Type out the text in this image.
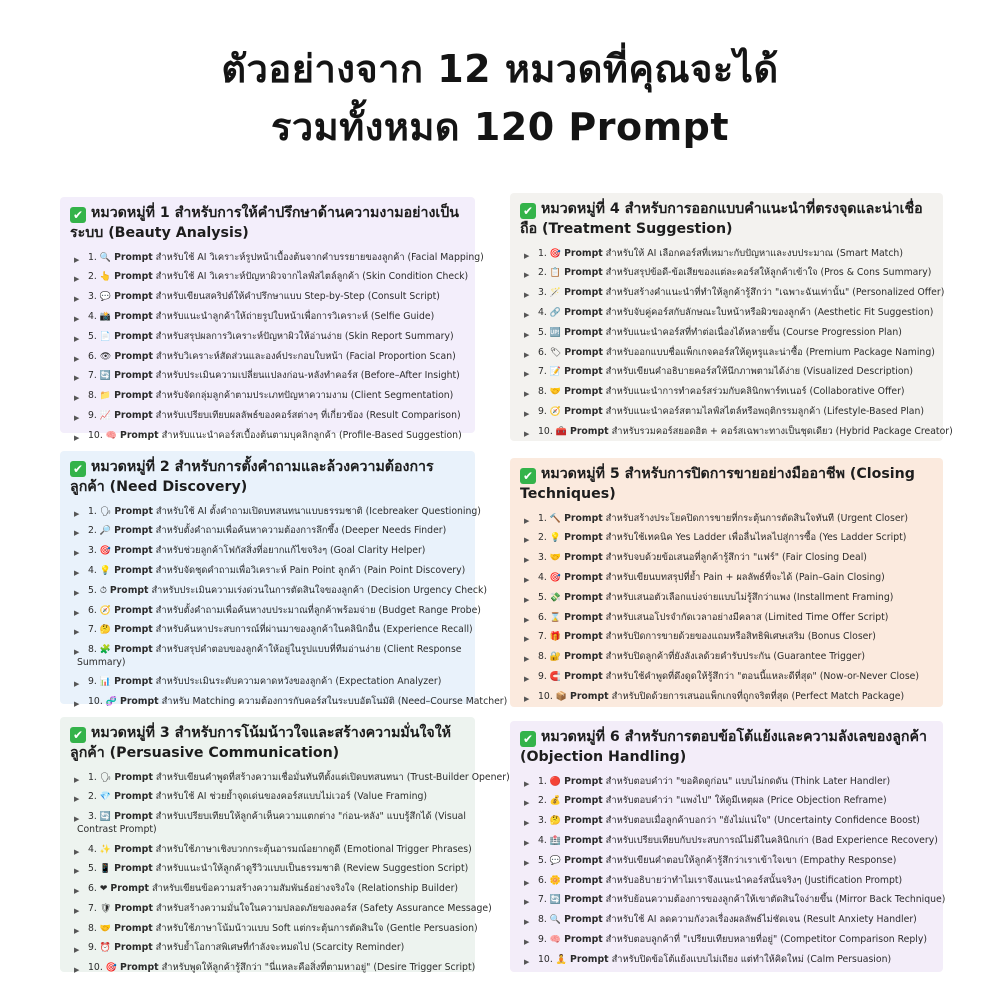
ตัวอย่างจาก 12 หมวดที่คุณจะได้
รวมทั้งหมด 120 Prompt
✔ หมวดหมู่ที่ 1 สำหรับการให้คำปรึกษาด้านความงามอย่างเป็นระบบ (Beauty Analysis)
▶ 1. 🔍 Prompt สำหรับใช้ AI วิเคราะห์รูปหน้าเบื้องต้นจากคำบรรยายของลูกค้า (Facial Mapping)
▶ 2. 👆 Prompt สำหรับใช้ AI วิเคราะห์ปัญหาผิวจากไลฟ์สไตล์ลูกค้า (Skin Condition Check)
▶ 3. 💬 Prompt สำหรับเขียนสคริปต์ให้คำปรึกษาแบบ Step-by-Step (Consult Script)
▶ 4. 📸 Prompt สำหรับแนะนำลูกค้าให้ถ่ายรูปใบหน้าเพื่อการวิเคราะห์ (Selfie Guide)
▶ 5. 📄 Prompt สำหรับสรุปผลการวิเคราะห์ปัญหาผิวให้อ่านง่าย (Skin Report Summary)
▶ 6. 👁 Prompt สำหรับวิเคราะห์สัดส่วนและองค์ประกอบใบหน้า (Facial Proportion Scan)
▶ 7. 🔄 Prompt สำหรับประเมินความเปลี่ยนแปลงก่อน-หลังทำคอร์ส (Before–After Insight)
▶ 8. 📁 Prompt สำหรับจัดกลุ่มลูกค้าตามประเภทปัญหาความงาม (Client Segmentation)
▶ 9. 📈 Prompt สำหรับเปรียบเทียบผลลัพธ์ของคอร์สต่างๆ ที่เกี่ยวข้อง (Result Comparison)
▶ 10. 🧠 Prompt สำหรับแนะนำคอร์สเบื้องต้นตามบุคลิกลูกค้า (Profile-Based Suggestion)
✔ หมวดหมู่ที่ 2 สำหรับการตั้งคำถามและล้วงความต้องการลูกค้า (Need Discovery)
▶ 1. 🗣 Prompt สำหรับใช้ AI ตั้งคำถามเปิดบทสนทนาแบบธรรมชาติ (Icebreaker Questioning)
▶ 2. 🔎 Prompt สำหรับตั้งคำถามเพื่อค้นหาความต้องการลึกซึ้ง (Deeper Needs Finder)
▶ 3. 🎯 Prompt สำหรับช่วยลูกค้าโฟกัสสิ่งที่อยากแก้ไขจริงๆ (Goal Clarity Helper)
▶ 4. 💡 Prompt สำหรับจัดชุดคำถามเพื่อวิเคราะห์ Pain Point ลูกค้า (Pain Point Discovery)
▶ 5. ⏱ Prompt สำหรับประเมินความเร่งด่วนในการตัดสินใจของลูกค้า (Decision Urgency Check)
▶ 6. 🧭 Prompt สำหรับตั้งคำถามเพื่อค้นหางบประมาณที่ลูกค้าพร้อมจ่าย (Budget Range Probe)
▶ 7. 🤔 Prompt สำหรับค้นหาประสบการณ์ที่ผ่านมาของลูกค้าในคลินิกอื่น (Experience Recall)
▶ 8. 🧩 Prompt สำหรับสรุปคำตอบของลูกค้าให้อยู่ในรูปแบบที่ทีมอ่านง่าย (Client Response Summary)
▶ 9. 📊 Prompt สำหรับประเมินระดับความคาดหวังของลูกค้า (Expectation Analyzer)
▶ 10. 🧬 Prompt สำหรับ Matching ความต้องการกับคอร์สในระบบอัตโนมัติ (Need–Course Matcher)
✔ หมวดหมู่ที่ 3 สำหรับการโน้มน้าวใจและสร้างความมั่นใจให้ลูกค้า (Persuasive Communication)
▶ 1. 🗣 Prompt สำหรับเขียนคำพูดที่สร้างความเชื่อมั่นทันทีตั้งแต่เปิดบทสนทนา (Trust-Builder Opener)
▶ 2. 💎 Prompt สำหรับใช้ AI ช่วยย้ำจุดเด่นของคอร์สแบบไม่เวอร์ (Value Framing)
▶ 3. 🔄 Prompt สำหรับเปรียบเทียบให้ลูกค้าเห็นความแตกต่าง "ก่อน-หลัง" แบบรู้สึกได้ (Visual Contrast Prompt)
▶ 4. ✨ Prompt สำหรับใช้ภาษาเชิงบวกกระตุ้นอารมณ์อยากดูดี (Emotional Trigger Phrases)
▶ 5. 📱 Prompt สำหรับแนะนำให้ลูกค้าดูรีวิวแบบเป็นธรรมชาติ (Review Suggestion Script)
▶ 6. ❤ Prompt สำหรับเขียนข้อความสร้างความสัมพันธ์อย่างจริงใจ (Relationship Builder)
▶ 7. 🛡 Prompt สำหรับสร้างความมั่นใจในความปลอดภัยของคอร์ส (Safety Assurance Message)
▶ 8. 🤝 Prompt สำหรับใช้ภาษาโน้มน้าวแบบ Soft แต่กระตุ้นการตัดสินใจ (Gentle Persuasion)
▶ 9. ⏰ Prompt สำหรับย้ำโอกาสพิเศษที่กำลังจะหมดไป (Scarcity Reminder)
▶ 10. 🎯 Prompt สำหรับพูดให้ลูกค้ารู้สึกว่า "นี่แหละคือสิ่งที่ตามหาอยู่" (Desire Trigger Script)
✔ หมวดหมู่ที่ 4 สำหรับการออกแบบคำแนะนำที่ตรงจุดและน่าเชื่อถือ (Treatment Suggestion)
▶ 1. 🎯 Prompt สำหรับให้ AI เลือกคอร์สที่เหมาะกับปัญหาและงบประมาณ (Smart Match)
▶ 2. 📋 Prompt สำหรับสรุปข้อดี-ข้อเสียของแต่ละคอร์สให้ลูกค้าเข้าใจ (Pros & Cons Summary)
▶ 3. 🪄 Prompt สำหรับสร้างคำแนะนำที่ทำให้ลูกค้ารู้สึกว่า "เฉพาะฉันเท่านั้น" (Personalized Offer)
▶ 4. 🔗 Prompt สำหรับจับคู่คอร์สกับลักษณะใบหน้าหรือผิวของลูกค้า (Aesthetic Fit Suggestion)
▶ 5. 🆙 Prompt สำหรับแนะนำคอร์สที่ทำต่อเนื่องได้หลายขั้น (Course Progression Plan)
▶ 6. 🏷 Prompt สำหรับออกแบบชื่อแพ็กเกจคอร์สให้ดูหรูและน่าซื้อ (Premium Package Naming)
▶ 7. 📝 Prompt สำหรับเขียนคำอธิบายคอร์สให้นึกภาพตามได้ง่าย (Visualized Description)
▶ 8. 🤝 Prompt สำหรับแนะนำการทำคอร์สร่วมกับคลินิกพาร์ทเนอร์ (Collaborative Offer)
▶ 9. 🧭 Prompt สำหรับแนะนำคอร์สตามไลฟ์สไตล์หรือพฤติกรรมลูกค้า (Lifestyle-Based Plan)
▶ 10. 🧰 Prompt สำหรับรวมคอร์สยอดฮิต + คอร์สเฉพาะทางเป็นชุดเดียว (Hybrid Package Creator)
✔ หมวดหมู่ที่ 5 สำหรับการปิดการขายอย่างมืออาชีพ (Closing Techniques)
▶ 1. 🔨 Prompt สำหรับสร้างประโยคปิดการขายที่กระตุ้นการตัดสินใจทันที (Urgent Closer)
▶ 2. 💡 Prompt สำหรับใช้เทคนิค Yes Ladder เพื่อลื่นไหลไปสู่การซื้อ (Yes Ladder Script)
▶ 3. 🤝 Prompt สำหรับจบด้วยข้อเสนอที่ลูกค้ารู้สึกว่า "แฟร์" (Fair Closing Deal)
▶ 4. 🎯 Prompt สำหรับเขียนบทสรุปที่ย้ำ Pain + ผลลัพธ์ที่จะได้ (Pain–Gain Closing)
▶ 5. 💸 Prompt สำหรับเสนอตัวเลือกแบ่งจ่ายแบบไม่รู้สึกว่าแพง (Installment Framing)
▶ 6. ⌛ Prompt สำหรับเสนอโปรจำกัดเวลาอย่างมีคลาส (Limited Time Offer Script)
▶ 7. 🎁 Prompt สำหรับปิดการขายด้วยของแถมหรือสิทธิพิเศษเสริม (Bonus Closer)
▶ 8. 🔐 Prompt สำหรับปิดลูกค้าที่ยังลังเลด้วยคำรับประกัน (Guarantee Trigger)
▶ 9. 🧲 Prompt สำหรับใช้คำพูดที่ดึงดูดให้รู้สึกว่า "ตอนนี้แหละดีที่สุด" (Now-or-Never Close)
▶ 10. 📦 Prompt สำหรับปิดด้วยการเสนอแพ็กเกจที่ถูกจริตที่สุด (Perfect Match Package)
✔ หมวดหมู่ที่ 6 สำหรับการตอบข้อโต้แย้งและความลังเลของลูกค้า (Objection Handling)
▶ 1. 🔴 Prompt สำหรับตอบคำว่า "ขอคิดดูก่อน" แบบไม่กดดัน (Think Later Handler)
▶ 2. 💰 Prompt สำหรับตอบคำว่า "แพงไป" ให้ดูมีเหตุผล (Price Objection Reframe)
▶ 3. 🤔 Prompt สำหรับตอบเมื่อลูกค้าบอกว่า "ยังไม่แน่ใจ" (Uncertainty Confidence Boost)
▶ 4. 🏥 Prompt สำหรับเปรียบเทียบกับประสบการณ์ไม่ดีในคลินิกเก่า (Bad Experience Recovery)
▶ 5. 💬 Prompt สำหรับเขียนคำตอบให้ลูกค้ารู้สึกว่าเราเข้าใจเขา (Empathy Response)
▶ 6. 🌼 Prompt สำหรับอธิบายว่าทำไมเราจึงแนะนำคอร์สนั้นจริงๆ (Justification Prompt)
▶ 7. 🔄 Prompt สำหรับย้อนความต้องการของลูกค้าให้เขาตัดสินใจง่ายขึ้น (Mirror Back Technique)
▶ 8. 🔍 Prompt สำหรับใช้ AI ลดความกังวลเรื่องผลลัพธ์ไม่ชัดเจน (Result Anxiety Handler)
▶ 9. 🧠 Prompt สำหรับตอบลูกค้าที่ "เปรียบเทียบหลายที่อยู่" (Competitor Comparison Reply)
▶ 10. 🧘 Prompt สำหรับปิดข้อโต้แย้งแบบไม่เถียง แต่ทำให้คิดใหม่ (Calm Persuasion)
